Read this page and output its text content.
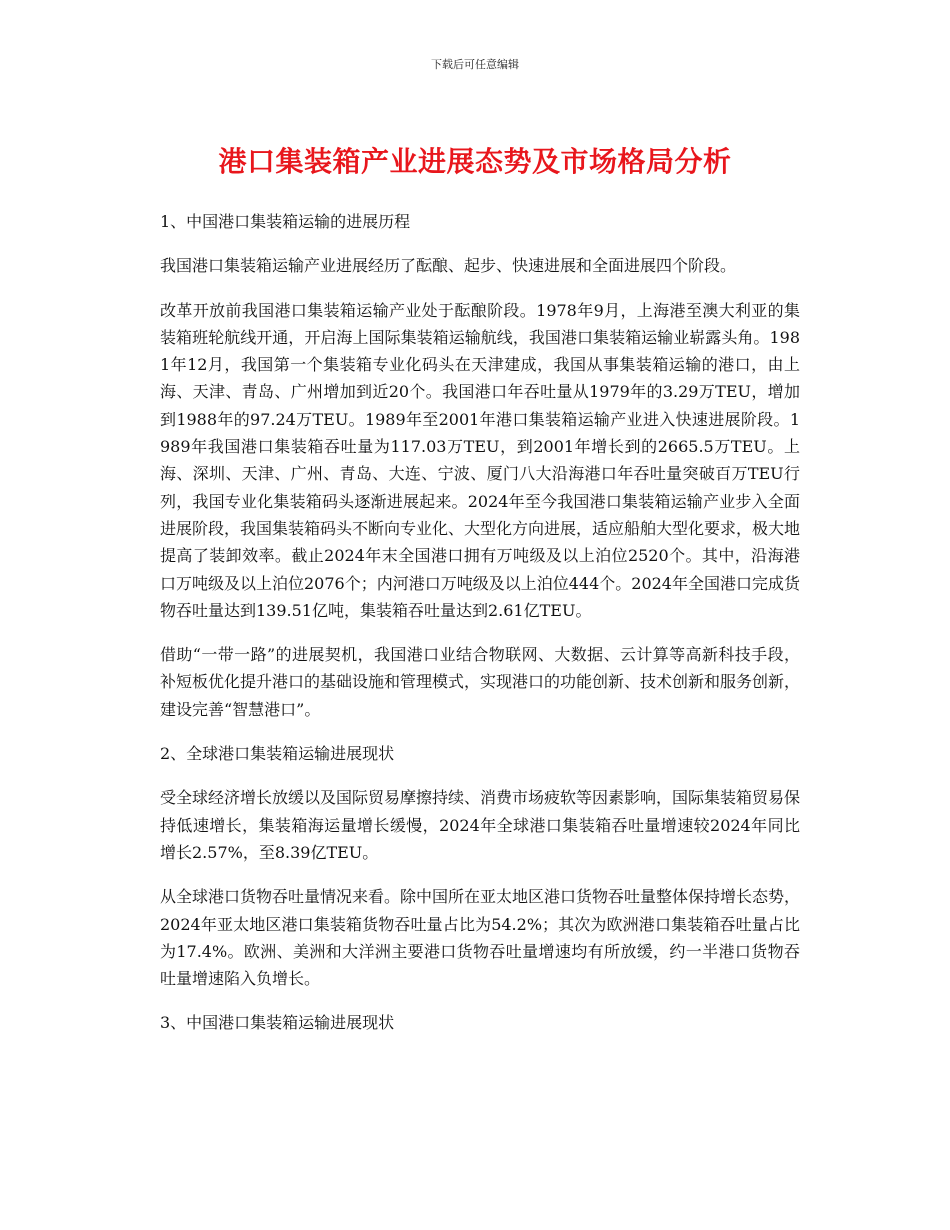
下载后可任意编辑
港口集装箱产业进展态势及市场格局分析
1、中国港口集装箱运输的进展历程

我国港口集装箱运输产业进展经历了酝酿、起步、快速进展和全面进展四个阶段。

改革开放前我国港口集装箱运输产业处于酝酿阶段。1978年9月，上海港至澳大利亚的集装箱班轮航线开通，开启海上国际集装箱运输航线，我国港口集装箱运输业崭露头角。1981年12月，我国第一个集装箱专业化码头在天津建成，我国从事集装箱运输的港口，由上海、天津、青岛、广州增加到近20个。我国港口年吞吐量从1979年的3.29万TEU，增加到1988年的97.24万TEU。1989年至2001年港口集装箱运输产业进入快速进展阶段。1989年我国港口集装箱吞吐量为117.03万TEU，到2001年增长到的2665.5万TEU。上海、深圳、天津、广州、青岛、大连、宁波、厦门八大沿海港口年吞吐量突破百万TEU行列，我国专业化集装箱码头逐渐进展起来。2024年至今我国港口集装箱运输产业步入全面进展阶段，我国集装箱码头不断向专业化、大型化方向进展，适应船舶大型化要求，极大地提高了装卸效率。截止2024年末全国港口拥有万吨级及以上泊位2520个。其中，沿海港口万吨级及以上泊位2076个；内河港口万吨级及以上泊位444个。2024年全国港口完成货物吞吐量达到139.51亿吨，集装箱吞吐量达到2.61亿TEU。

借助“一带一路”的进展契机，我国港口业结合物联网、大数据、云计算等高新科技手段，补短板优化提升港口的基础设施和管理模式，实现港口的功能创新、技术创新和服务创新，建设完善“智慧港口”。

2、全球港口集装箱运输进展现状

受全球经济增长放缓以及国际贸易摩擦持续、消费市场疲软等因素影响，国际集装箱贸易保持低速增长，集装箱海运量增长缓慢，2024年全球港口集装箱吞吐量增速较2024年同比增长2.57%，至8.39亿TEU。

从全球港口货物吞吐量情况来看。除中国所在亚太地区港口货物吞吐量整体保持增长态势，2024年亚太地区港口集装箱货物吞吐量占比为54.2%；其次为欧洲港口集装箱吞吐量占比为17.4%。欧洲、美洲和大洋洲主要港口货物吞吐量增速均有所放缓，约一半港口货物吞吐量增速陷入负增长。

3、中国港口集装箱运输进展现状
